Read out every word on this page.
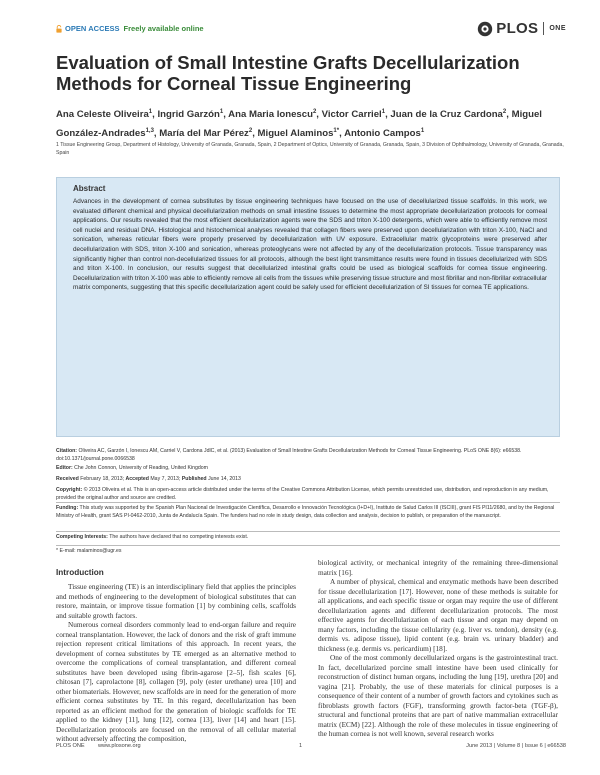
OPEN ACCESS Freely available online	PLOS ONE
Evaluation of Small Intestine Grafts Decellularization Methods for Corneal Tissue Engineering
Ana Celeste Oliveira$^1$, Ingrid Garzón$^1$, Ana Maria Ionescu$^2$, Victor Carriel$^1$, Juan de la Cruz Cardona$^2$, Miguel González-Andrades$^{1,3}$, María del Mar Pérez$^2$, Miguel Alaminos$^{1*}$, Antonio Campos$^1$
1 Tissue Engineering Group, Department of Histology, University of Granada, Granada, Spain, 2 Department of Optics, University of Granada, Granada, Spain, 3 Division of Ophthalmology, University of Granada, Granada, Spain
Abstract
Advances in the development of cornea substitutes by tissue engineering techniques have focused on the use of decellularized tissue scaffolds. In this work, we evaluated different chemical and physical decellularization methods on small intestine tissues to determine the most appropriate decellularization protocols for corneal applications. Our results revealed that the most efficient decellularization agents were the SDS and triton X-100 detergents, which were able to efficiently remove most cell nuclei and residual DNA. Histological and histochemical analyses revealed that collagen fibers were preserved upon decellularization with triton X-100, NaCl and sonication, whereas reticular fibers were properly preserved by decellularization with UV exposure. Extracellular matrix glycoproteins were preserved after decellularization with SDS, triton X-100 and sonication, whereas proteoglycans were not affected by any of the decellularization protocols. Tissue transparency was significantly higher than control non-decellularized tissues for all protocols, although the best light transmittance results were found in tissues decellularized with SDS and triton X-100. In conclusion, our results suggest that decellularized intestinal grafts could be used as biological scaffolds for cornea tissue engineering. Decellularization with triton X-100 was able to efficiently remove all cells from the tissues while preserving tissue structure and most fibrillar and non-fibrillar extracellular matrix components, suggesting that this specific decellularization agent could be safely used for efficient decellularization of SI tissues for cornea TE applications.
Citation: Oliveira AC, Garzón I, Ionescu AM, Carriel V, Cardona JdlC, et al. (2013) Evaluation of Small Intestine Grafts Decellularization Methods for Corneal Tissue Engineering. PLoS ONE 8(6): e66538. doi:10.1371/journal.pone.0066538
Editor: Che John Connon, University of Reading, United Kingdom
Received February 18, 2013; Accepted May 7, 2013; Published June 14, 2013
Copyright: © 2013 Oliveira et al. This is an open-access article distributed under the terms of the Creative Commons Attribution License, which permits unrestricted use, distribution, and reproduction in any medium, provided the original author and source are credited.
Funding: This study was supported by the Spanish Plan Nacional de Investigación Científica, Desarrollo e Innovación Tecnológica (I+D+I), Instituto de Salud Carlos III (ISCIII), grant FIS PI11/2680, and by the Regional Ministry of Health, grant SAS PI-0462-2010, Junta de Andalucía Spain. The funders had no role in study design, data collection and analysis, decision to publish, or preparation of the manuscript.
Competing Interests: The authors have declared that no competing interests exist.
* E-mail: malaminos@ugr.es
Introduction

Tissue engineering (TE) is an interdisciplinary field that applies the principles and methods of engineering to the development of biological substitutes that can restore, maintain, or improve tissue formation [1] by combining cells, scaffolds and suitable growth factors.

Numerous corneal disorders commonly lead to end-organ failure and require corneal transplantation. However, the lack of donors and the risk of graft immune rejection represent critical limitations of this approach. In recent years, the development of cornea substitutes by TE emerged as an alternative method to overcome the complications of corneal transplantation, and different corneal substitutes have been developed using fibrin-agarose [2–5], fish scales [6], chitosan [7], caprolactone [8], collagen [9], poly (ester urethane) urea [10] and other biomaterials. However, new scaffolds are in need for the generation of more efficient cornea substitutes by TE. In this regard, decellularization has been reported as an efficient method for the generation of biologic scaffolds for TE applied to the kidney [11], lung [12], cornea [13], liver [14] and heart [15]. Decellularization protocols are focused on the removal of all cellular material without adversely affecting the composition,

biological activity, or mechanical integrity of the remaining three-dimensional matrix [16].

A number of physical, chemical and enzymatic methods have been described for tissue decellularization [17]. However, none of these methods is suitable for all applications, and each specific tissue or organ may require the use of different decellularization agents and different decellularization protocols. The most effective agents for decellularization of each tissue and organ may depend on many factors, including the tissue cellularity (e.g. liver vs. tendon), density (e.g. dermis vs. adipose tissue), lipid content (e.g. brain vs. urinary bladder) and thickness (e.g. dermis vs. pericardium) [18].

One of the most commonly decellularized organs is the gastrointestinal tract. In fact, decellularized porcine small intestine have been used clinically for reconstruction of distinct human organs, including the lung [19], urethra [20] and vagina [21]. Probably, the use of these materials for clinical purposes is a consequence of their content of a number of growth factors and cytokines such as fibroblasts growth factors (FGF), transforming growth factor-beta (TGF-β), structural and functional proteins that are part of native mammalian extracellular matrix (ECM) [22]. Although the role of these molecules in tissue engineering of the human cornea is not well known, several research works

PLOS ONE www.plosone.org	1	June 2013 | Volume 8 | Issue 6 | e66538
